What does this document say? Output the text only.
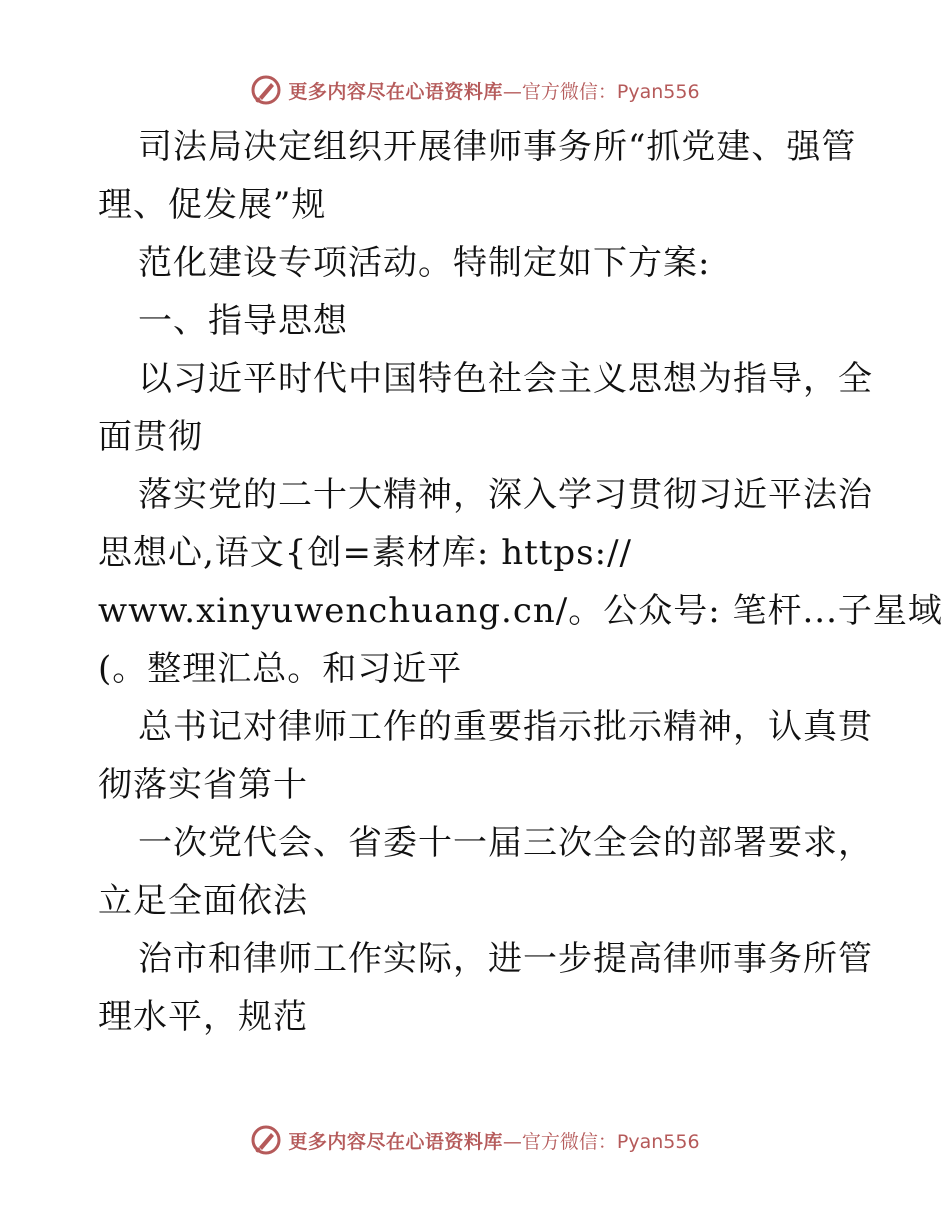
更多内容尽在心语资料库 —官方微信：Pyan556
司法局决定组织开展律师事务所“抓党建、强管
理、促发展”规
范化建设专项活动。特制定如下方案:
一、指导思想
以习近平时代中国特色社会主义思想为指导，全
面贯彻
落实党的二十大精神，深入学习贯彻习近平法治
思想心,语文{创=素材库: https://
www.xinyuwenchuang.cn/。公众号: 笔杆...子星域
(。整理汇总。和习近平
总书记对律师工作的重要指示批示精神，认真贯
彻落实省第十
一次党代会、省委十一届三次全会的部署要求，
立足全面依法
治市和律师工作实际，进一步提高律师事务所管
理水平，规范
更多内容尽在心语资料库 —官方微信：Pyan556
